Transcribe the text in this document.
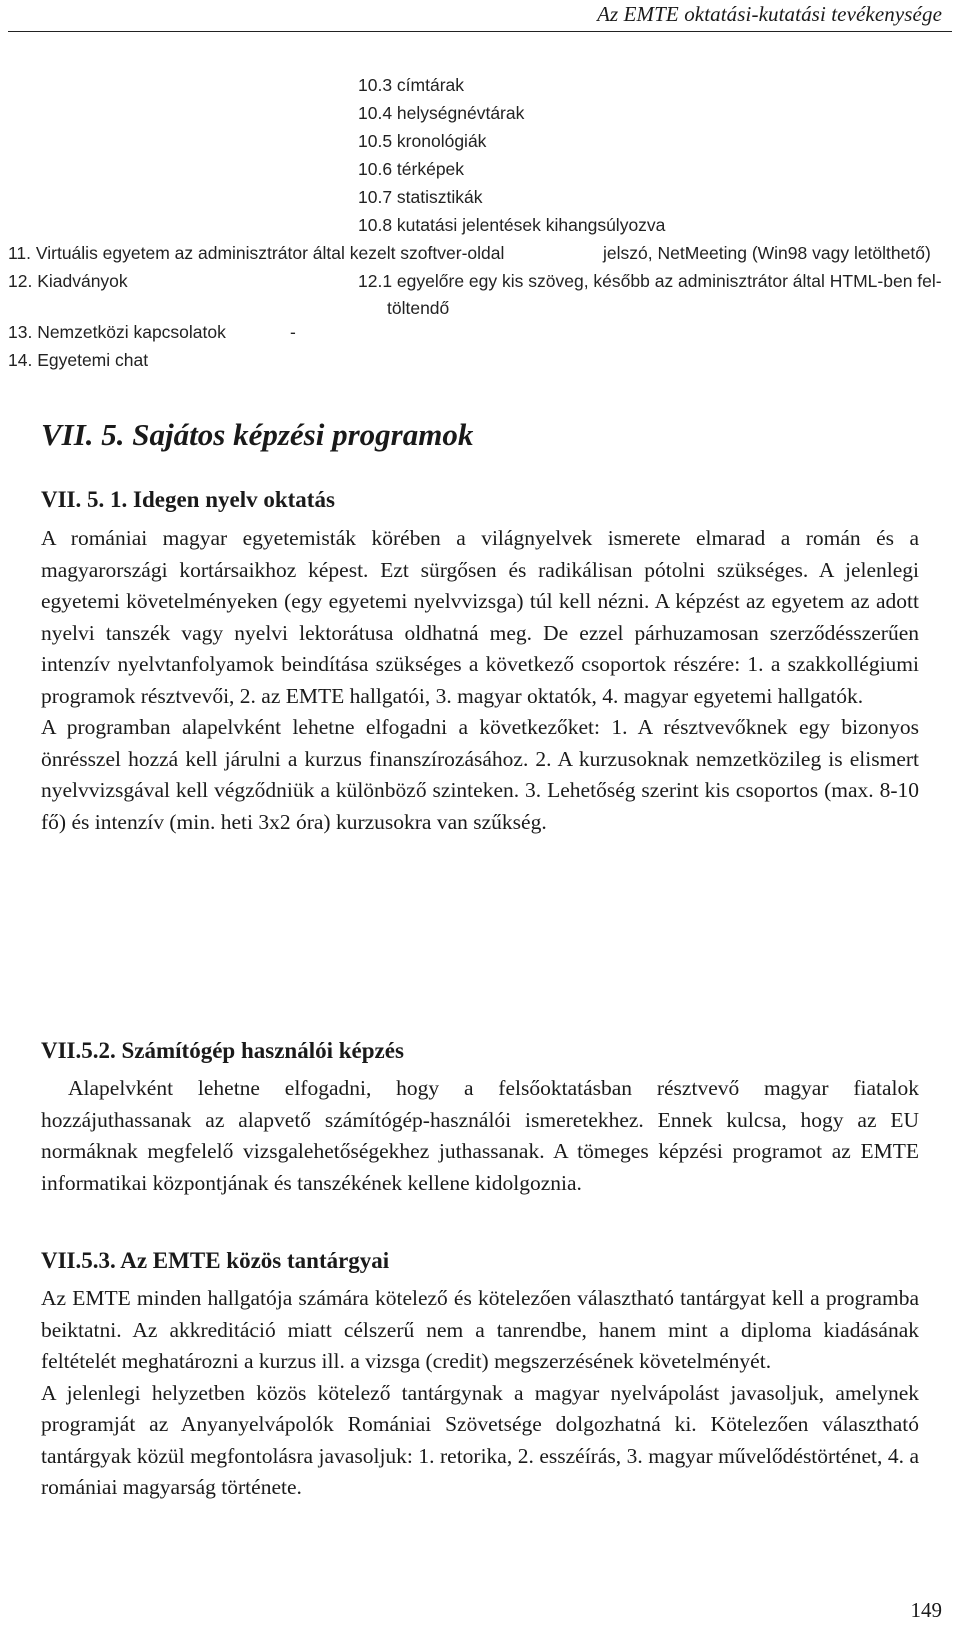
Az EMTE oktatási-kutatási tevékenysége
10.3 címtárak
10.4 helységnévtárak
10.5 kronológiák
10.6 térképek
10.7 statisztikák
10.8 kutatási jelentések kihangsúlyozva
11. Virtuális egyetem az adminisztrátor által kezelt szoftver-oldal	jelszó, NetMeeting (Win98 vagy letölthető)
12. Kiadványok	12.1 egyelőre egy kis szöveg, később az adminisztrátor által HTML-ben fel-
töltendő
13. Nemzetközi kapcsolatok	-
14. Egyetemi chat
VII. 5. Sajátos képzési programok
VII. 5. 1. Idegen nyelv oktatás

A romániai magyar egyetemisták körében a világnyelvek ismerete elmarad a román és a magyarországi kortársaikhoz képest. Ezt sürgősen és radikálisan pótolni szükséges. A jelenlegi egyetemi követelményeken (egy egyetemi nyelvvizsga) túl kell nézni. A képzést az egyetem az adott nyelvi tanszék vagy nyelvi lektorátusa oldhatná meg. De ezzel párhuzamosan szerződésszerűen intenzív nyelvtanfolyamok beindítása szükséges a következő csoportok részére: 1. a szakkollégiumi programok résztvevői, 2. az EMTE hallgatói, 3. magyar oktatók, 4. magyar egyetemi hallgatók.

A programban alapelvként lehetne elfogadni a következőket: 1. A résztvevőknek egy bizonyos önrésszel hozzá kell járulni a kurzus finanszírozásához. 2. A kurzusoknak nemzetközileg is elismert nyelvvizsgával kell végződniük a különböző szinteken. 3. Lehetőség szerint kis csoportos (max. 8-10 fő) és intenzív (min. heti 3x2 óra) kurzusokra van szűkség.

VII.5.2. Számítógép használói képzés

Alapelvként lehetne elfogadni, hogy a felsőoktatásban résztvevő magyar fiatalok hozzájuthassanak az alapvető számítógép-használói ismeretekhez. Ennek kulcsa, hogy az EU normáknak megfelelő vizsgalehetőségekhez juthassanak. A tömeges képzési programot az EMTE informatikai központjának és tanszékének kellene kidolgoznia.

VII.5.3. Az EMTE közös tantárgyai

Az EMTE minden hallgatója számára kötelező és kötelezően választható tantárgyat kell a programba beiktatni. Az akkreditáció miatt célszerű nem a tanrendbe, hanem mint a diploma kiadásának feltételét meghatározni a kurzus ill. a vizsga (credit) megszerzésének követelményét.

A jelenlegi helyzetben közös kötelező tantárgynak a magyar nyelvápolást javasoljuk, amelynek programját az Anyanyelvápolók Romániai Szövetsége dolgozhatná ki. Kötelezően választható tantárgyak közül megfontolásra javasoljuk: 1. retorika, 2. esszéírás, 3. magyar művelődéstörténet, 4. a romániai magyarság története.

149
